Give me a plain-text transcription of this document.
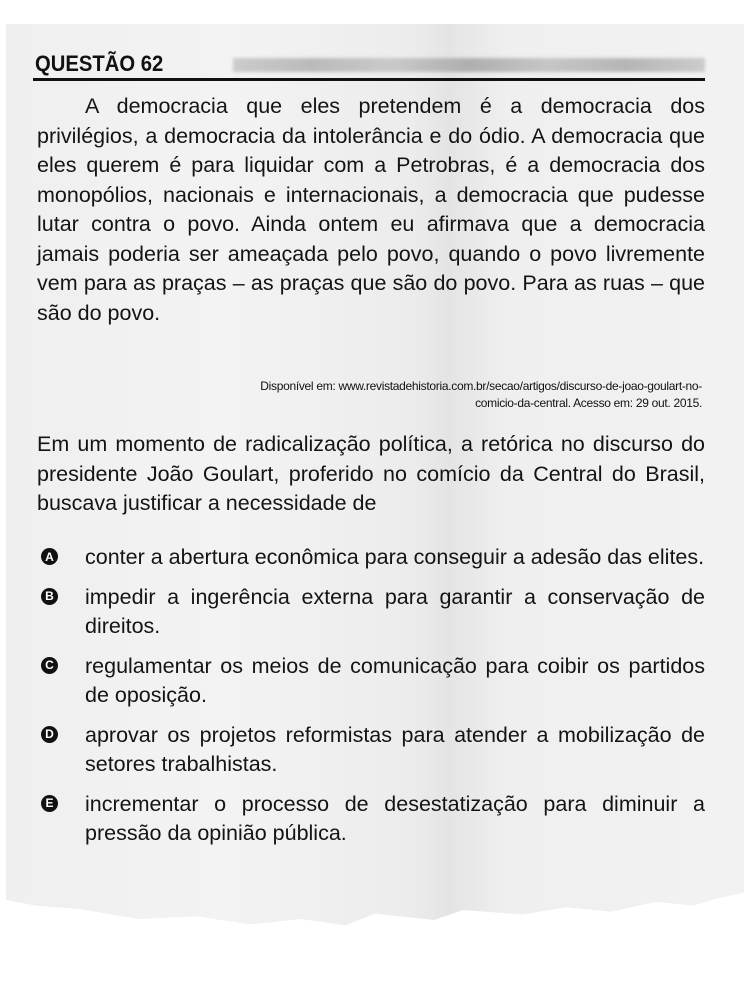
QUESTÃO 62

A democracia que eles pretendem é a democracia dos privilégios, a democracia da intolerância e do ódio. A democracia que eles querem é para liquidar com a Petrobras, é a democracia dos monopólios, nacionais e internacionais, a democracia que pudesse lutar contra o povo. Ainda ontem eu afirmava que a democracia jamais poderia ser ameaçada pelo povo, quando o povo livremente vem para as praças – as praças que são do povo. Para as ruas – que são do povo.

Disponível em: www.revistadehistoria.com.br/secao/artigos/discurso-de-joao-goulart-no-
comicio-da-central. Acesso em: 29 out. 2015.
Em um momento de radicalização política, a retórica no discurso do presidente João Goulart, proferido no comício da Central do Brasil, buscava justificar a necessidade de
A conter a abertura econômica para conseguir a adesão das elites.
B impedir a ingerência externa para garantir a conservação de direitos.
C regulamentar os meios de comunicação para coibir os partidos de oposição.
D aprovar os projetos reformistas para atender a mobilização de setores trabalhistas.
E incrementar o processo de desestatização para diminuir a pressão da opinião pública.
